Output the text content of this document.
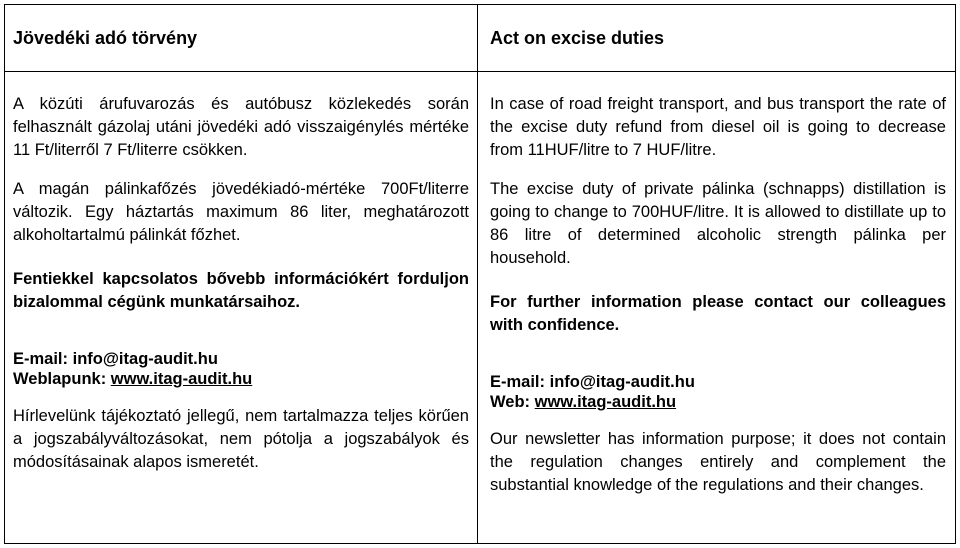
Jövedéki adó törvény	Act on excise duties

A közúti árufuvarozás és autóbusz közlekedés során felhasznált gázolaj utáni jövedéki adó visszaigénylés mértéke 11 Ft/literről 7 Ft/literre csökken.

A magán pálinkafőzés jövedékiadó-mértéke 700Ft/literre változik. Egy háztartás maximum 86 liter, meghatározott alkoholtartalmú pálinkát főzhet.

Fentiekkel kapcsolatos bővebb információkért forduljon bizalommal cégünk munkatársaihoz.

E-mail: info@itag-audit.hu

Weblapunk: www.itag-audit.hu

Hírlevelünk tájékoztató jellegű, nem tartalmazza teljes körűen a jogszabályváltozásokat, nem pótolja a jogszabályok és módosításainak alapos ismeretét.

In case of road freight transport, and bus transport the rate of the excise duty refund from diesel oil is going to decrease from 11HUF/litre to 7 HUF/litre.

The excise duty of private pálinka (schnapps) distillation is going to change to 700HUF/litre. It is allowed to distillate up to 86 litre of determined alcoholic strength pálinka per household.

For further information please contact our colleagues with confidence.

E-mail: info@itag-audit.hu

Web: www.itag-audit.hu

Our newsletter has information purpose; it does not contain the regulation changes entirely and complement the substantial knowledge of the regulations and their changes.
